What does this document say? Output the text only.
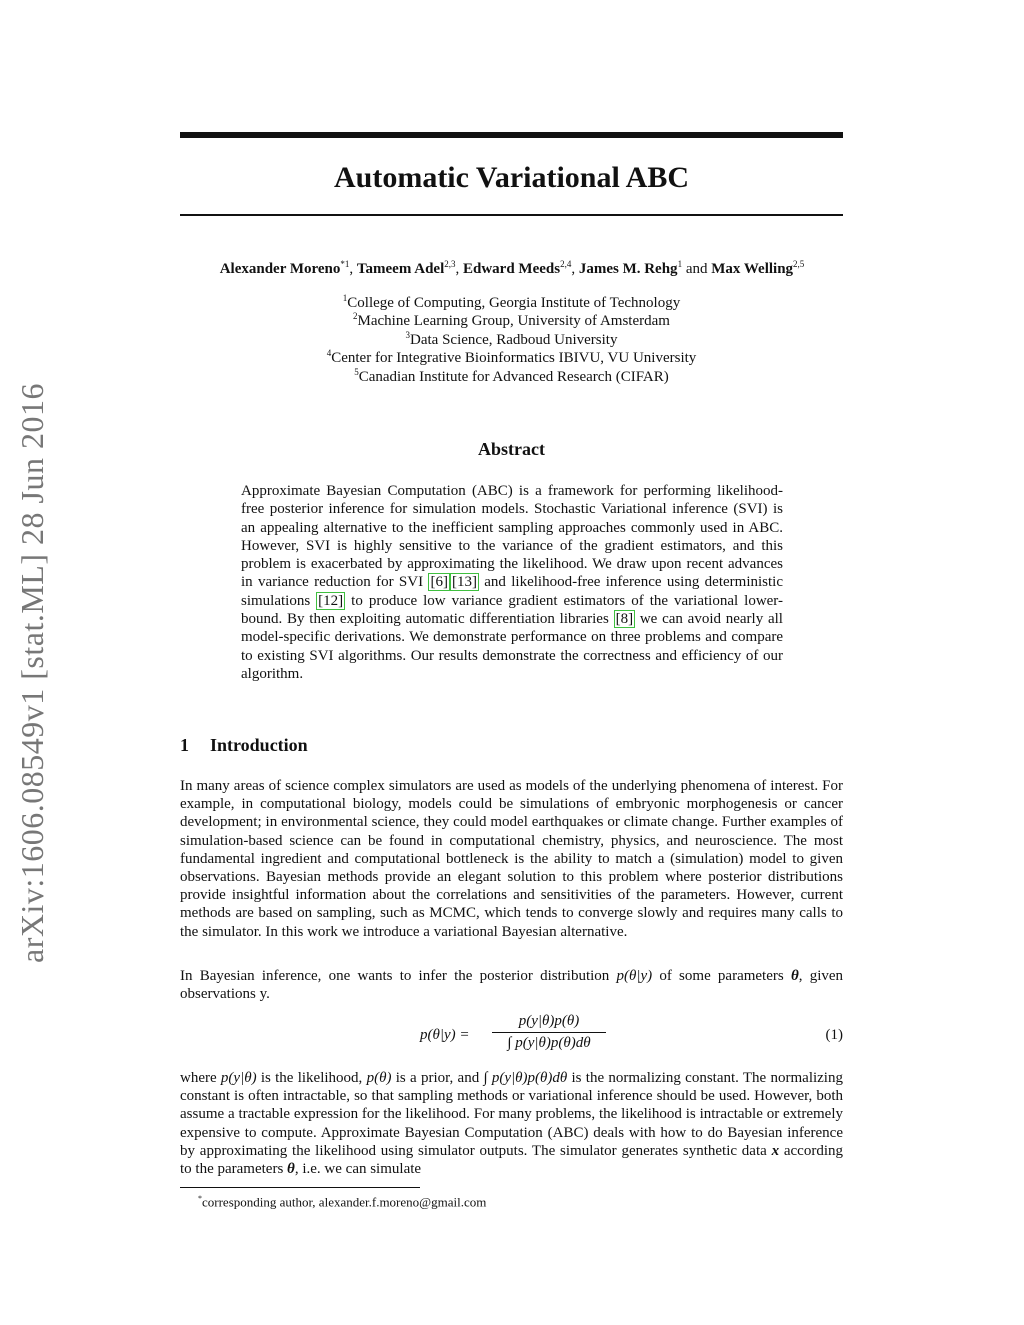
arXiv:1606.08549v1 [stat.ML] 28 Jun 2016
Automatic Variational ABC
Alexander Moreno$^{*1}$, Tameem Adel$^{2,3}$, Edward Meeds$^{2,4}$, James M. Rehg$^1$ and Max Welling$^{2,5}$
$^1$College of Computing, Georgia Institute of Technology
$^2$Machine Learning Group, University of Amsterdam
$^3$Data Science, Radboud University
$^4$Center for Integrative Bioinformatics IBIVU, VU University
$^5$Canadian Institute for Advanced Research (CIFAR)
Abstract
Approximate Bayesian Computation (ABC) is a framework for performing likelihood-free posterior inference for simulation models. Stochastic Variational inference (SVI) is an appealing alternative to the inefficient sampling approaches commonly used in ABC. However, SVI is highly sensitive to the variance of the gradient estimators, and this problem is exacerbated by approximating the likelihood. We draw upon recent advances in variance reduction for SVI [6] [13] and likelihood-free inference using deterministic simulations [12] to produce low variance gradient estimators of the variational lower-bound. By then exploiting automatic differentiation libraries [8] we can avoid nearly all model-specific derivations. We demonstrate performance on three problems and compare to existing SVI algorithms. Our results demonstrate the correctness and efficiency of our algorithm.
1 Introduction
In many areas of science complex simulators are used as models of the underlying phenomena of interest. For example, in computational biology, models could be simulations of embryonic morphogenesis or cancer development; in environmental science, they could model earthquakes or climate change. Further examples of simulation-based science can be found in computational chemistry, physics, and neuroscience. The most fundamental ingredient and computational bottleneck is the ability to match a (simulation) model to given observations. Bayesian methods provide an elegant solution to this problem where posterior distributions provide insightful information about the correlations and sensitivities of the parameters. However, current methods are based on sampling, such as MCMC, which tends to converge slowly and requires many calls to the simulator. In this work we introduce a variational Bayesian alternative.
In Bayesian inference, one wants to infer the posterior distribution p(θ|y) of some parameters θ, given observations y.
$p(\theta|y) = \frac{p(y|\theta)p(\theta)}{\int p(y|\theta)p(\theta)d\theta}$	(1)
where p(y|θ) is the likelihood, p(θ) is a prior, and ∫ p(y|θ)p(θ)dθ is the normalizing constant. The normalizing constant is often intractable, so that sampling methods or variational inference should be used. However, both assume a tractable expression for the likelihood. For many problems, the likelihood is intractable or extremely expensive to compute. Approximate Bayesian Computation (ABC) deals with how to do Bayesian inference by approximating the likelihood using simulator outputs. The simulator generates synthetic data x according to the parameters θ, i.e. we can simulate
*corresponding author, alexander.f.moreno@gmail.com
